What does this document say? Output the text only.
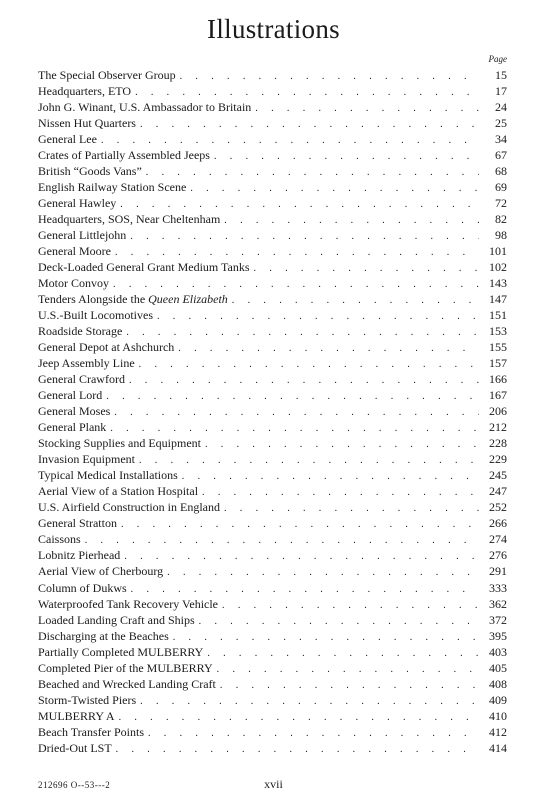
Illustrations
Page
The Special Observer Group . . .	15
Headquarters, ETO . . .	17
John G. Winant, U.S. Ambassador to Britain . . .	24
Nissen Hut Quarters . . .	25
General Lee . . .	34
Crates of Partially Assembled Jeeps . . .	67
British “Goods Vans” . . .	68
English Railway Station Scene . . .	69
General Hawley . . .	72
Headquarters, SOS, Near Cheltenham . . .	82
General Littlejohn . . .	98
General Moore . . .	101
Deck-Loaded General Grant Medium Tanks . . .	102
Motor Convoy . . .	143
Tenders Alongside the Queen Elizabeth . . .	147
U.S.-Built Locomotives . . .	151
Roadside Storage . . .	153
General Depot at Ashchurch . . .	155
Jeep Assembly Line . . .	157
General Crawford . . .	166
General Lord . . .	167
General Moses . . .	206
General Plank . . .	212
Stocking Supplies and Equipment . . .	228
Invasion Equipment . . .	229
Typical Medical Installations . . .	245
Aerial View of a Station Hospital . . .	247
U.S. Airfield Construction in England . . .	252
General Stratton . . .	266
Caissons . . .	274
Lobnitz Pierhead . . .	276
Aerial View of Cherbourg . . .	291
Column of Dukws . . .	333
Waterproofed Tank Recovery Vehicle . . .	362
Loaded Landing Craft and Ships . . .	372
Discharging at the Beaches . . .	395
Partially Completed MULBERRY . . .	403
Completed Pier of the MULBERRY . . .	405
Beached and Wrecked Landing Craft . . .	408
Storm-Twisted Piers . . .	409
MULBERRY A . . .	410
Beach Transfer Points . . .	412
Dried-Out LST . . .	414
212696 O--53---2	xvii
